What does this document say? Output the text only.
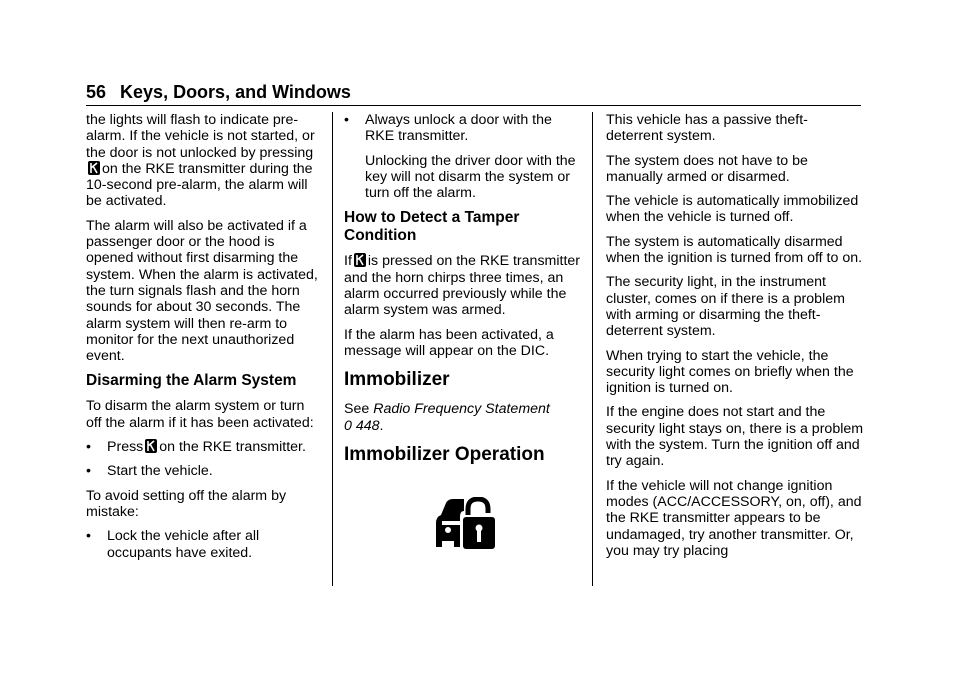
56 Keys, Doors, and Windows

the lights will flash to indicate pre-alarm. If the vehicle is not started, or the door is not unlocked by pressing
on the RKE transmitter during the 10-second pre-alarm, the alarm will be activated.

The alarm will also be activated if a passenger door or the hood is opened without first disarming the system. When the alarm is activated, the turn signals flash and the horn sounds for about 30 seconds. The alarm system will then re-arm to monitor for the next unauthorized event.

Disarming the Alarm System

To disarm the alarm system or turn off the alarm if it has been activated:

• Press on the RKE transmitter.
• Start the vehicle.

To avoid setting off the alarm by mistake:

• Lock the vehicle after all occupants have exited.
• Always unlock a door with the RKE transmitter.
Unlocking the driver door with the key will not disarm the system or turn off the alarm.
How to Detect a Tamper Condition

If is pressed on the RKE transmitter and the horn chirps three times, an alarm occurred previously while the alarm system was armed.

If the alarm has been activated, a message will appear on the DIC.

Immobilizer

See Radio Frequency Statement
0 448.

Immobilizer Operation

This vehicle has a passive theft-deterrent system.

The system does not have to be manually armed or disarmed.

The vehicle is automatically immobilized when the vehicle is turned off.

The system is automatically disarmed when the ignition is turned from off to on.

The security light, in the instrument cluster, comes on if there is a problem with arming or disarming the theft-deterrent system.

When trying to start the vehicle, the security light comes on briefly when the ignition is turned on.

If the engine does not start and the security light stays on, there is a problem with the system. Turn the ignition off and try again.

If the vehicle will not change ignition modes (ACC/ACCESSORY, on, off), and the RKE transmitter appears to be undamaged, try another transmitter. Or, you may try placing
